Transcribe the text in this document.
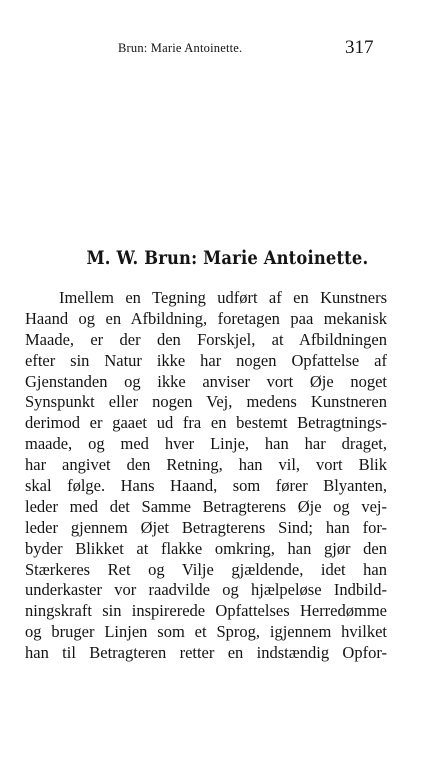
Brun: Marie Antoinette.	317
M. W. Brun: Marie Antoinette.
Imellem en Tegning udført af en Kunstners
Haand og en Afbildning, foretagen paa mekanisk
Maade, er der den Forskjel, at Afbildningen
efter sin Natur ikke har nogen Opfattelse af
Gjenstanden og ikke anviser vort Øje noget
Synspunkt eller nogen Vej, medens Kunstneren
derimod er gaaet ud fra en bestemt Betragtnings-
maade, og med hver Linje, han har draget,
har angivet den Retning, han vil, vort Blik
skal følge. Hans Haand, som fører Blyanten,
leder med det Samme Betragterens Øje og vej-
leder gjennem Øjet Betragterens Sind; han for-
byder Blikket at flakke omkring, han gjør den
Stærkeres Ret og Vilje gjældende, idet han
underkaster vor raadvilde og hjælpeløse Indbild-
ningskraft sin inspirerede Opfattelses Herredømme
og bruger Linjen som et Sprog, igjennem hvilket
han til Betragteren retter en indstændig Opfor-
